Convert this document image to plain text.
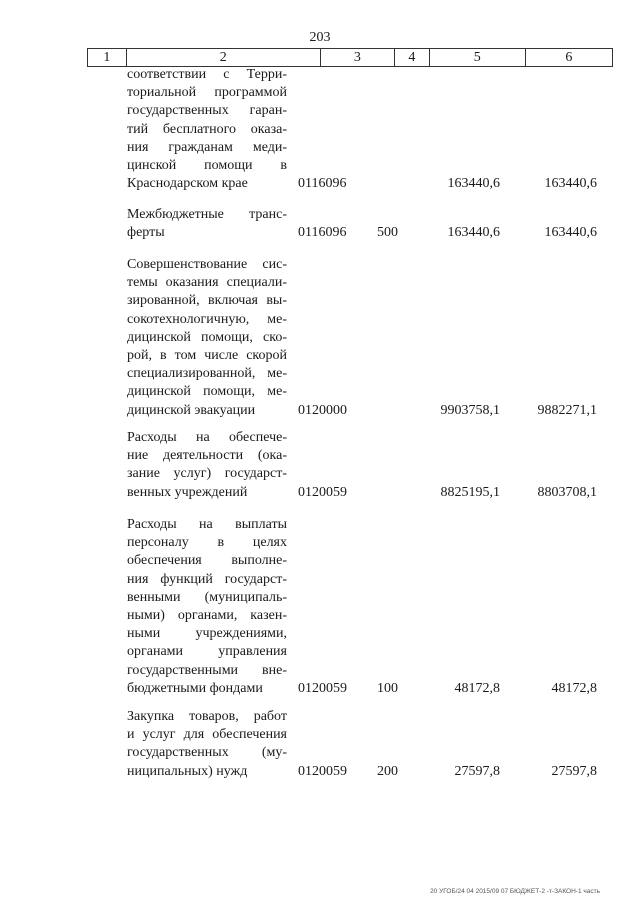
203
1	2	3	4	5	6
соответствии с Терри-
ториальной программой
государственных гаран-
тий бесплатного оказа-
ния гражданам меди-
цинской помощи в
Краснодарском крае	0116096	163440,6	163440,6
Межбюджетные транс-
ферты	0116096 500	163440,6	163440,6
Совершенствование сис-
темы оказания специали-
зированной, включая вы-
сокотехнологичную, ме-
дицинской помощи, ско-
рой, в том числе скорой
специализированной, ме-
дицинской помощи, ме-
дицинской эвакуации	0120000	9903758,1	9882271,1
Расходы на обеспече-
ние деятельности (ока-
зание услуг) государст-
венных учреждений	0120059	8825195,1	8803708,1
Расходы на выплаты
персоналу в целях
обеспечения выполне-
ния функций государст-
венными (муниципаль-
ными) органами, казен-
ными учреждениями,
органами управления
государственными вне-
бюджетными фондами	0120059 100	48172,8	48172,8
Закупка товаров, работ
и услуг для обеспечения
государственных (му-
ниципальных) нужд	0120059 200	27597,8	27597,8
20 УГОБ/24 04 2015/09 07 БЮДЖЕТ-2 -т-ЗАКОН-1 часть
